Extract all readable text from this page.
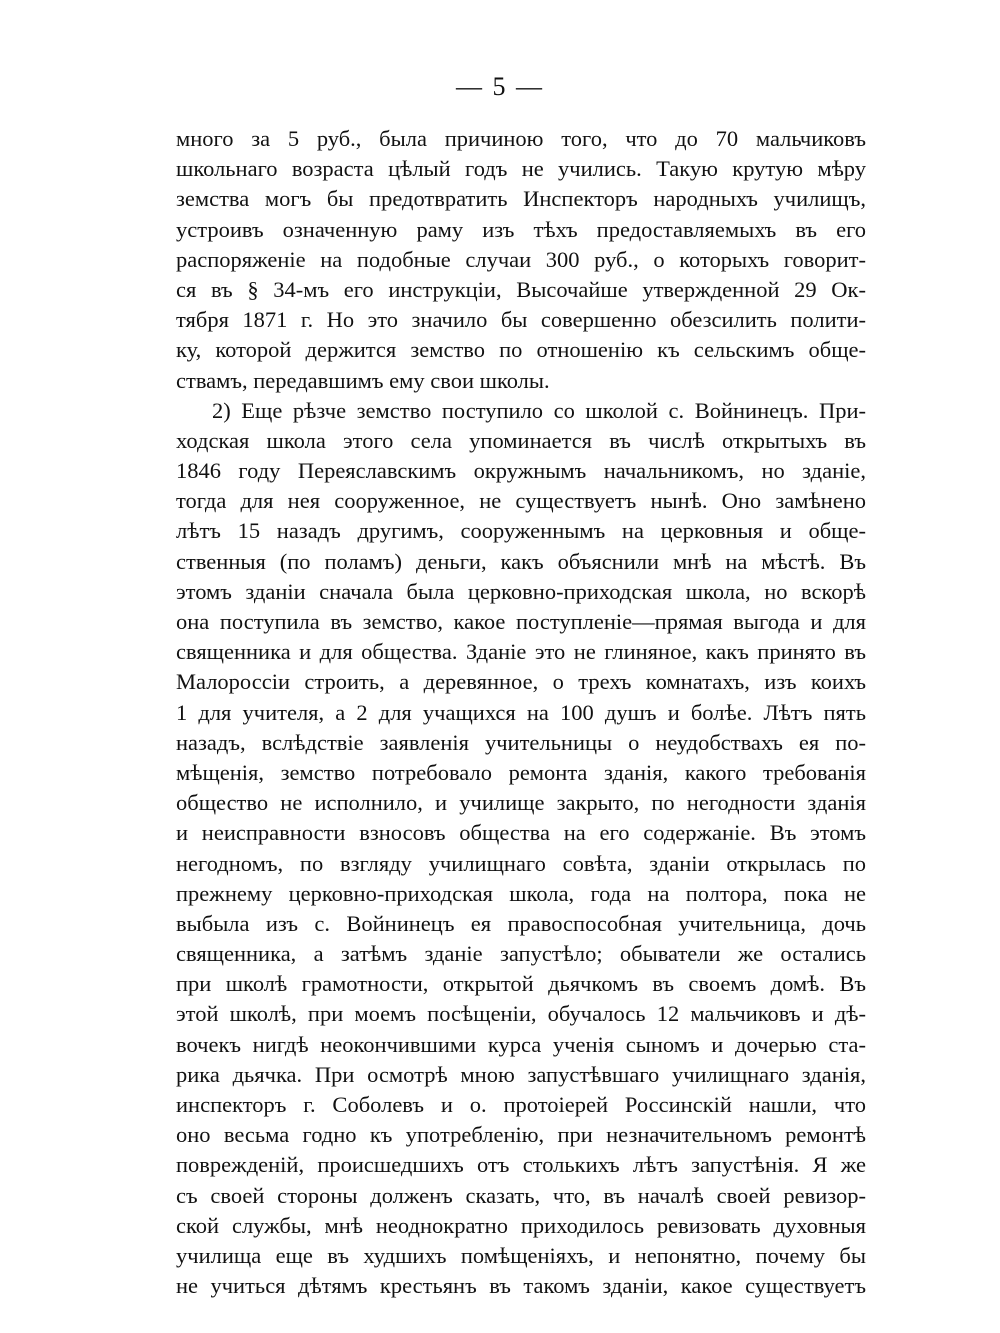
— 5 —
много за 5 руб., была причиною того, что до 70 мальчиковъ
школьнаго возраста цѣлый годъ не учились. Такую крутую мѣру
земства могъ бы предотвратить Инспекторъ народныхъ училищъ,
устроивъ означенную раму изъ тѣхъ предоставляемыхъ въ его
распоряженіе на подобные случаи 300 руб., о которыхъ говорит-
ся въ § 34-мъ его инструкціи, Высочайше утвержденной 29 Ок-
тября 1871 г. Но это значило бы совершенно обезсилить полити-
ку, которой держится земство по отношенію къ сельскимъ обще-
ствамъ, передавшимъ ему свои школы.
2) Еще рѣзче земство поступило со школой с. Войнинецъ. При-
ходская школа этого села упоминается въ числѣ открытыхъ въ
1846 году Переяславскимъ окружнымъ начальникомъ, но зданіе,
тогда для нея сооруженное, не существуетъ нынѣ. Оно замѣнено
лѣтъ 15 назадъ другимъ, сооруженнымъ на церковныя и обще-
ственныя (по поламъ) деньги, какъ объяснили мнѣ на мѣстѣ. Въ
этомъ зданіи сначала была церковно-приходская школа, но вскорѣ
она поступила въ земство, какое поступленіе—прямая выгода и для
священника и для общества. Зданіе это не глиняное, какъ принято въ
Малороссіи строить, а деревянное, о трехъ комнатахъ, изъ коихъ
1 для учителя, а 2 для учащихся на 100 душъ и болѣе. Лѣтъ пять
назадъ, вслѣдствіе заявленія учительницы о неудобствахъ ея по-
мѣщенія, земство потребовало ремонта зданія, какого требованія
общество не исполнило, и училище закрыто, по негодности зданія
и неисправности взносовъ общества на его содержаніе. Въ этомъ
негодномъ, по взгляду училищнаго совѣта, зданіи открылась по
прежнему церковно-приходская школа, года на полтора, пока не
выбыла изъ с. Войнинецъ ея правоспособная учительница, дочь
священника, а затѣмъ зданіе запустѣло; обыватели же остались
при школѣ грамотности, открытой дьячкомъ въ своемъ домѣ. Въ
этой школѣ, при моемъ посѣщеніи, обучалось 12 мальчиковъ и дѣ-
вочекъ нигдѣ неокончившими курса ученія сыномъ и дочерью ста-
рика дьячка. При осмотрѣ мною запустѣвшаго училищнаго зданія,
инспекторъ г. Соболевъ и о. протоіерей Россинскій нашли, что
оно весьма годно къ употребленію, при незначительномъ ремонтѣ
поврежденій, происшедшихъ отъ столькихъ лѣтъ запустѣнія. Я же
съ своей стороны долженъ сказать, что, въ началѣ своей ревизор-
ской службы, мнѣ неоднократно приходилось ревизовать духовныя
училища еще въ худшихъ помѣщеніяхъ, и непонятно, почему бы
не учиться дѣтямъ крестьянъ въ такомъ зданіи, какое существуетъ
